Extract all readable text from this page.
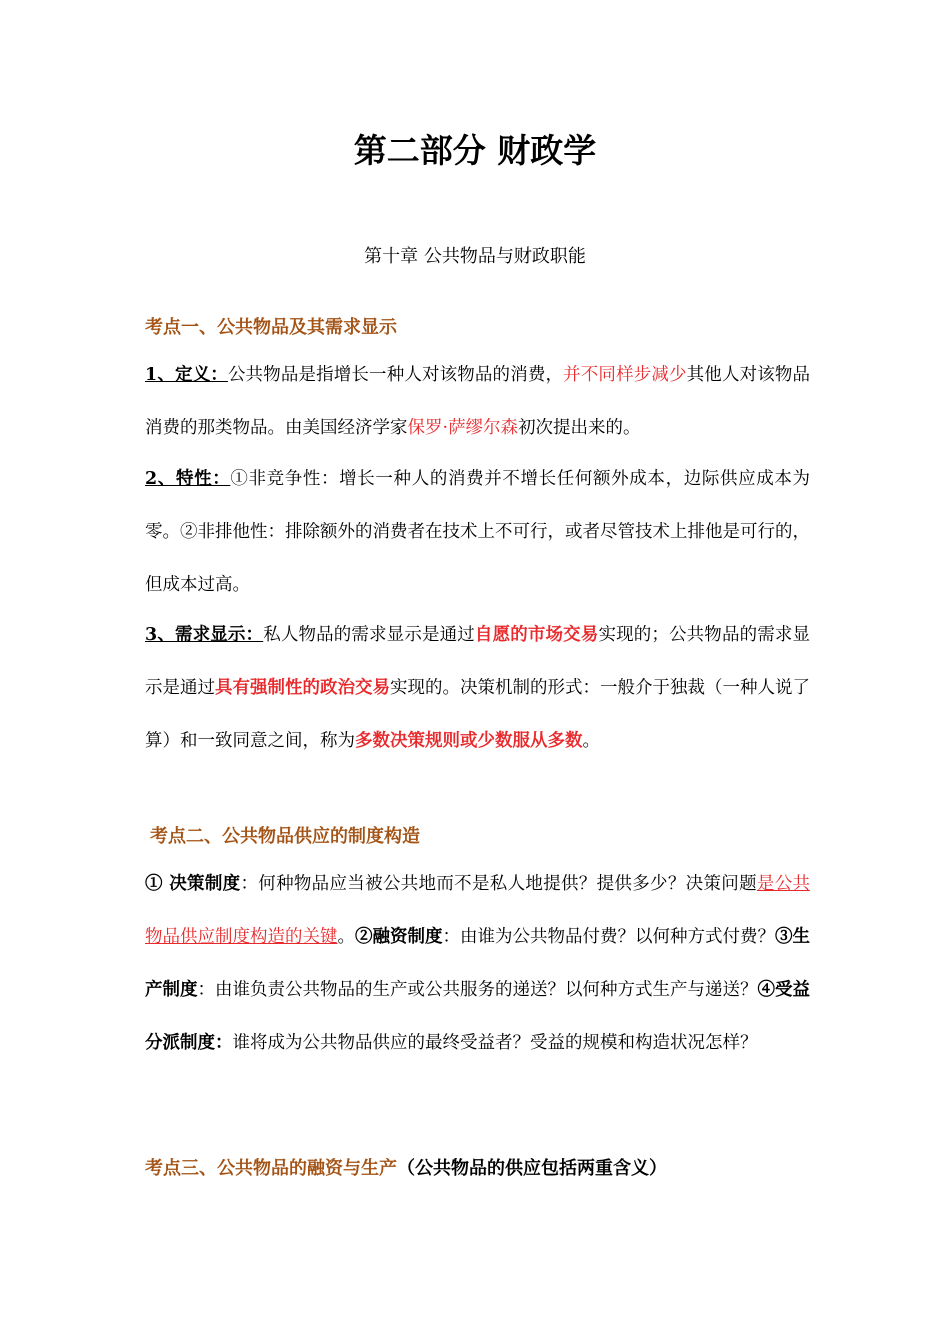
第二部分 财政学
第十章 公共物品与财政职能
考点一、公共物品及其需求显示
1、定义：公共物品是指增长一种人对该物品的消费，并不同样步减少其他人对该物品消费的那类物品。由美国经济学家保罗·萨缪尔森初次提出来的。
2、特性：①非竞争性：增长一种人的消费并不增长任何额外成本，边际供应成本为零。②非排他性：排除额外的消费者在技术上不可行，或者尽管技术上排他是可行的，但成本过高。
3、需求显示：私人物品的需求显示是通过自愿的市场交易实现的；公共物品的需求显示是通过具有强制性的政治交易实现的。决策机制的形式：一般介于独裁（一种人说了算）和一致同意之间，称为多数决策规则或少数服从多数。
考点二、公共物品供应的制度构造
① 决策制度：何种物品应当被公共地而不是私人地提供？提供多少？决策问题是公共物品供应制度构造的关键。②融资制度：由谁为公共物品付费？以何种方式付费？③生产制度：由谁负责公共物品的生产或公共服务的递送？以何种方式生产与递送？④受益分派制度：谁将成为公共物品供应的最终受益者？受益的规模和构造状况怎样？
考点三、公共物品的融资与生产（公共物品的供应包括两重含义）
